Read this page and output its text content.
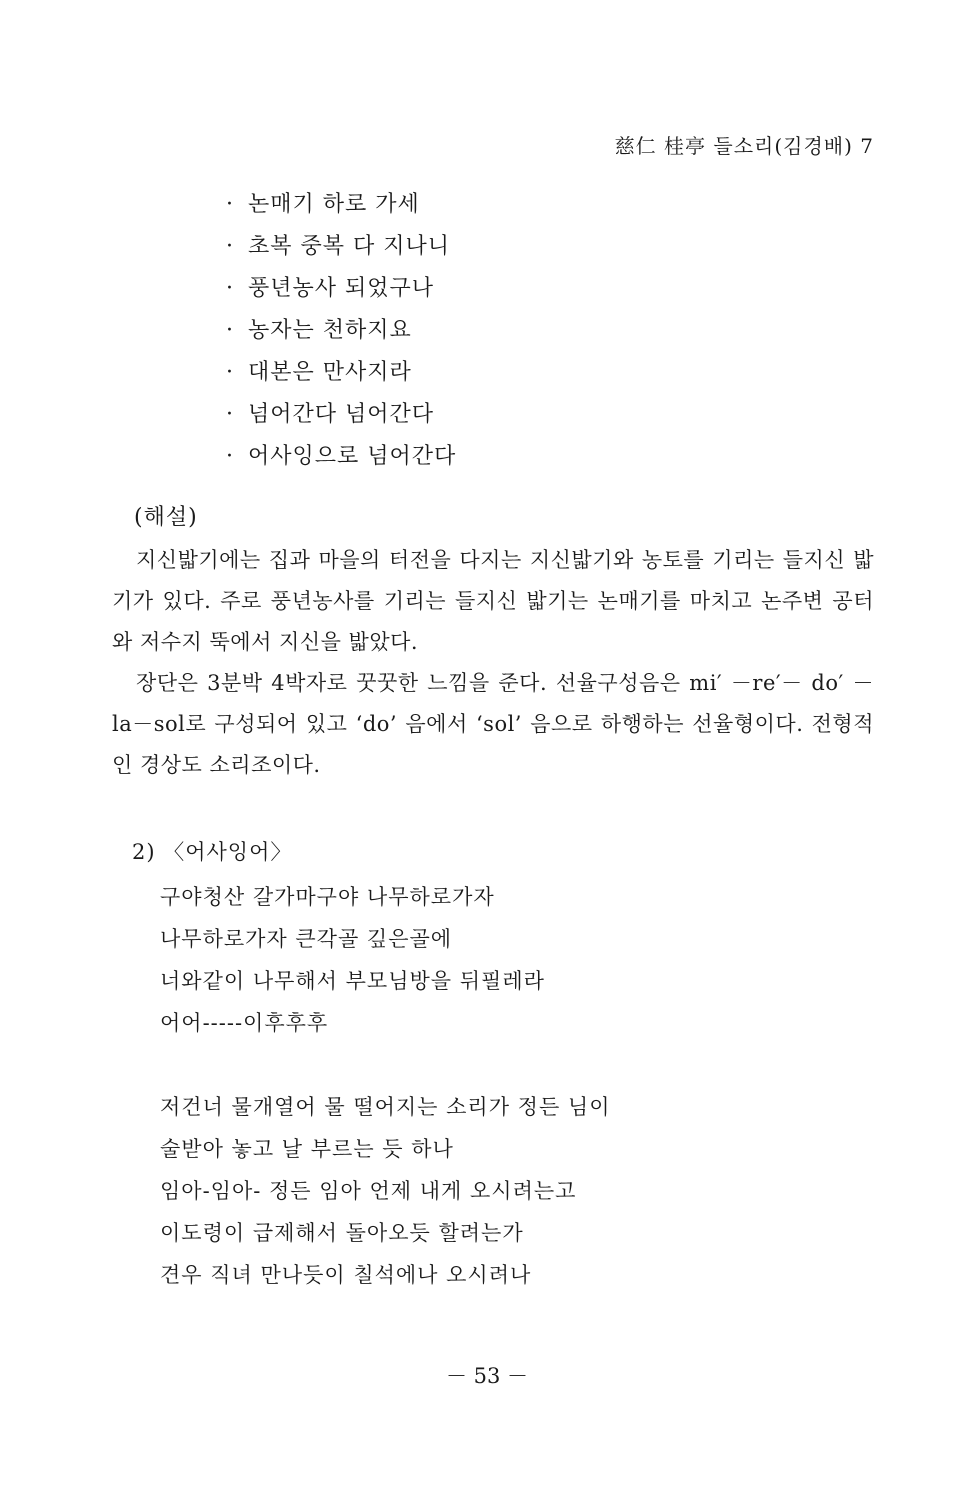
慈仁 桂亭 들소리(김경배) 7
· 논매기 하로 가세
· 초복 중복 다 지나니
· 풍년농사 되었구나
· 농자는 천하지요
· 대본은 만사지라
· 넘어간다 넘어간다
· 어사잉으로 넘어간다
(해설)

지신밟기에는 집과 마을의 터전을 다지는 지신밟기와 농토를 기리는 들지신 밟기가 있다. 주로 풍년농사를 기리는 들지신 밟기는 논매기를 마치고 논주변 공터와 저수지 뚝에서 지신을 밟았다.

장단은 3분박 4박자로 꿋꿋한 느낌을 준다. 선율구성음은 mi′ －re′－ do′ －la－sol로 구성되어 있고 ‘do’ 음에서 ‘sol’ 음으로 하행하는 선율형이다. 전형적인 경상도 소리조이다.

2) 〈어사잉어〉
구야청산 갈가마구야 나무하로가자
나무하로가자 큰각골 깊은골에
너와같이 나무해서 부모님방을 뒤필레라
어어-----이후후후
저건너 물개열어 물 떨어지는 소리가 정든 님이
술받아 놓고 날 부르는 듯 하나
임아-임아- 정든 임아 언제 내게 오시려는고
이도령이 급제해서 돌아오듯 할려는가
견우 직녀 만나듯이 칠석에나 오시려나
－ 53 －
